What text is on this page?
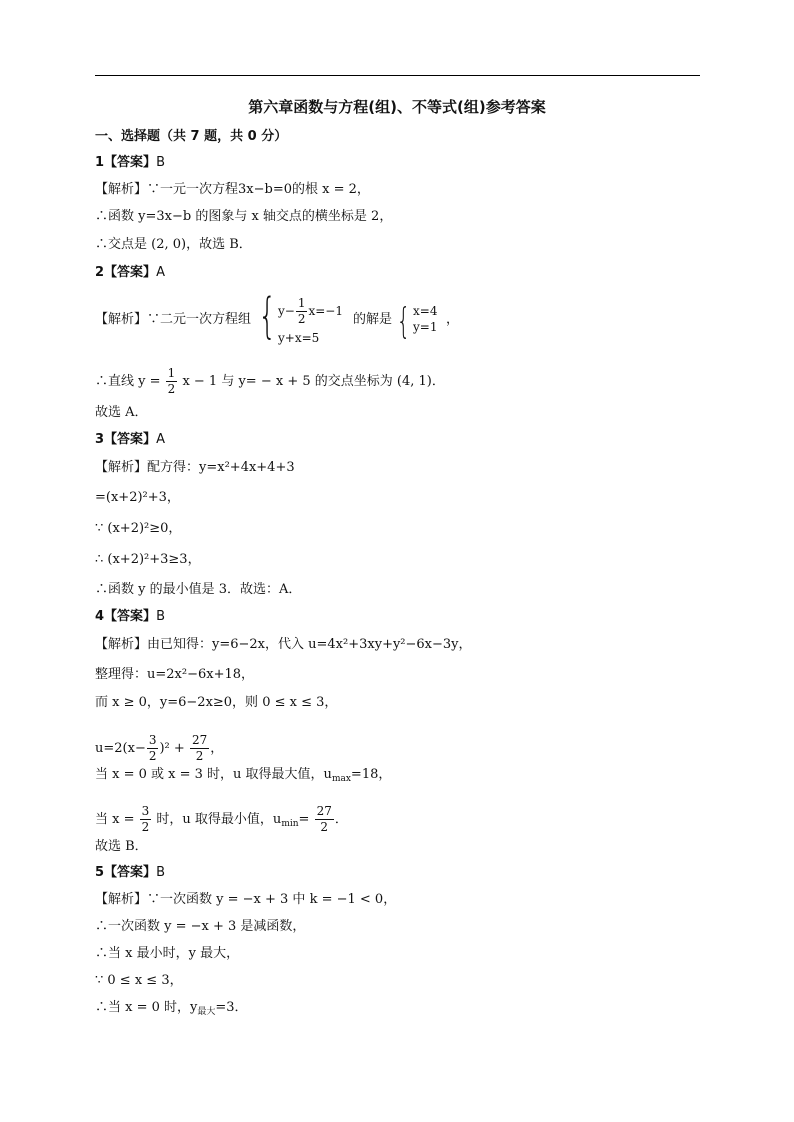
第六章函数与方程(组)、不等式(组)参考答案
一、选择题（共 7 题，共 0 分）
1【答案】B
【解析】∵一元一次方程3x−b=0的根 x = 2，
∴函数 y=3x−b 的图象与 x 轴交点的横坐标是 2，
∴交点是 (2, 0)，故选 B．
2【答案】A
【解析】∵二元一次方程组 { $y- \frac{1}{2} x=-1$
y+x=5
的解是 { x=4
y=1 ，
∴直线 $y = \frac{1}{2}$ x − 1 与 y= − x + 5 的交点坐标为 (4, 1)．
故选 A．
3【答案】A
【解析】配方得：y=x²+4x+4+3
=(x+2)²+3，
∵ (x+2)²≥0，
∴ (x+2)²+3≥3，
∴函数 y 的最小值是 3．故选：A．
4【答案】B
【解析】由已知得：y=6−2x，代入 u=4x²+3xy+y²−6x−3y，
整理得：u=2x²−6x+18，
而 x ≥ 0，y=6−2x≥0，则 0 ≤ x ≤ 3，
$u=2(x- \frac{3}{2} )^2 + \frac{27}{2}$ ，
当 x = 0 或 x = 3 时，u 取得最大值，$u_{max}=18$，
当 $x = \frac{3}{2}$ 时，u 取得最小值，$u_{min}= \frac{27}{2}$ ．
故选 B．
5【答案】B
【解析】∵一次函数 y = −x + 3 中 k = −1 < 0，
∴一次函数 y = −x + 3 是减函数，
∴当 x 最小时，y 最大，
∵ 0 ≤ x ≤ 3，
∴当 x = 0 时，$y_{最大}=3$．
